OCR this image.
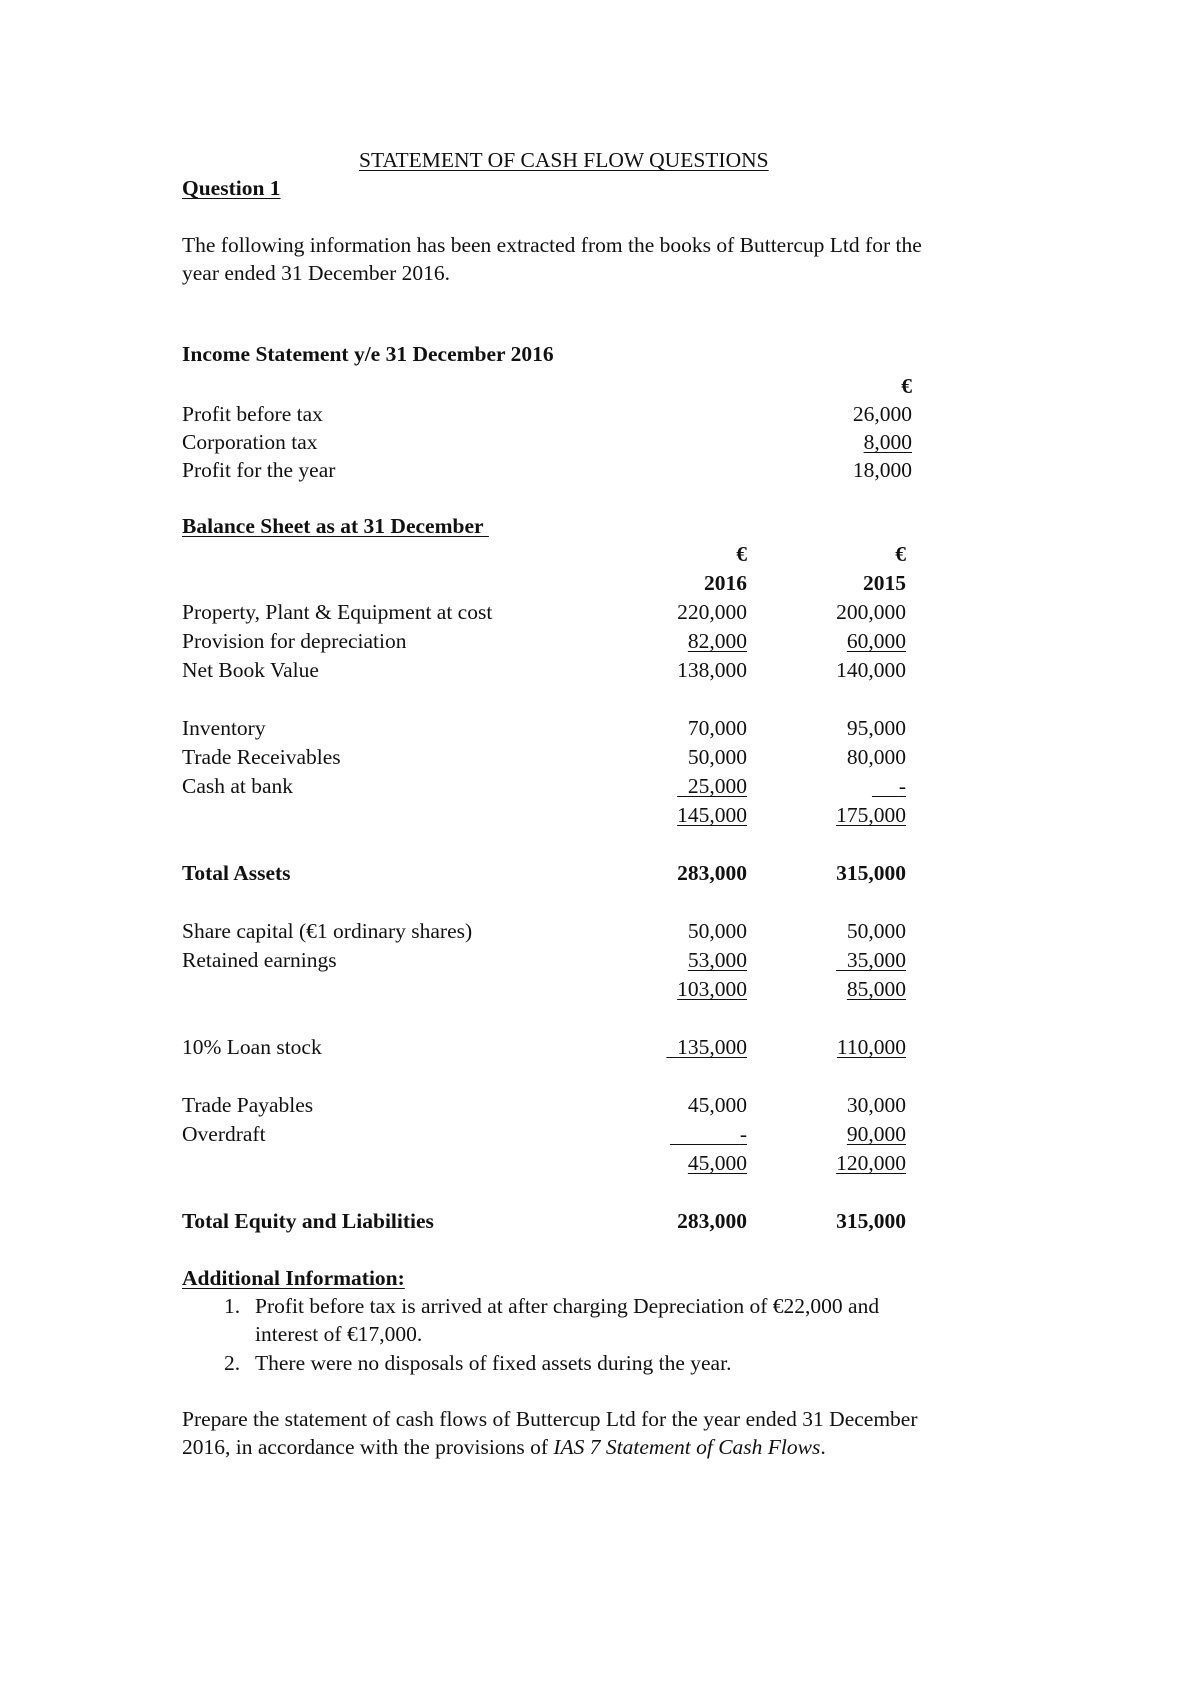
STATEMENT OF CASH FLOW QUESTIONS
Question 1
The following information has been extracted from the books of Buttercup Ltd for the
year ended 31 December 2016.
Income Statement y/e 31 December 2016
€
Profit before tax	26,000
Corporation tax	8,000
Profit for the year	18,000
Balance Sheet as at 31 December
€	€
2016	2015
Property, Plant & Equipment at cost	220,000	200,000
Provision for depreciation	82,000	60,000
Net Book Value	138,000	140,000
Inventory	70,000	95,000
Trade Receivables	50,000	80,000
Cash at bank	25,000	-
145,000	175,000
Total Assets	283,000	315,000
Share capital (€1 ordinary shares)	50,000	50,000
Retained earnings	53,000	35,000
103,000	85,000
10% Loan stock	135,000	110,000
Trade Payables	45,000	30,000
Overdraft	-	90,000
45,000	120,000
Total Equity and Liabilities	283,000	315,000
Additional Information:
1. Profit before tax is arrived at after charging Depreciation of €22,000 and
interest of €17,000.
2. There were no disposals of fixed assets during the year.
Prepare the statement of cash flows of Buttercup Ltd for the year ended 31 December
2016, in accordance with the provisions of IAS 7 Statement of Cash Flows.
